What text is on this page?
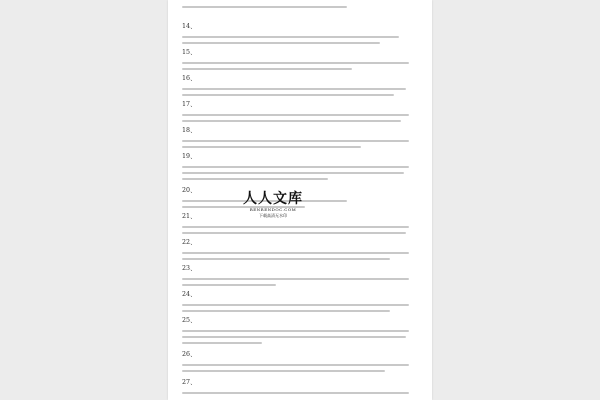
14、
15、
16、
17、
18、
19、
20、
21、
22、
23、
24、
25、
26、
27、
人人文库
RENRENDOC.COM
下载高清无水印
